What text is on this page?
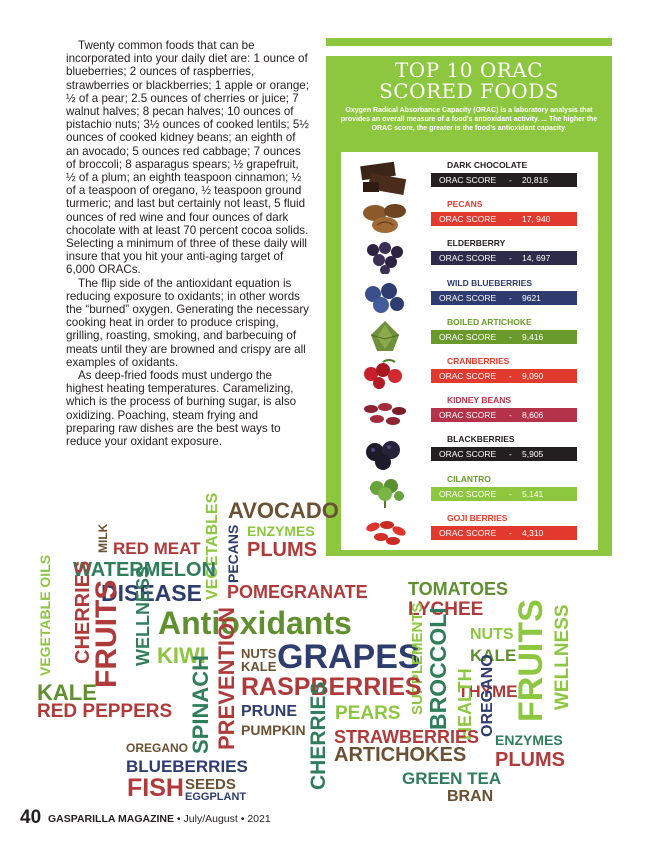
Twenty common foods that can be incorporated into your daily diet are: 1 ounce of blueberries; 2 ounces of raspberries, strawberries or blackberries; 1 apple or orange; ½ of a pear; 2.5 ounces of cherries or juice; 7 walnut halves; 8 pecan halves; 10 ounces of pistachio nuts; 3½ ounces of cooked lentils; 5½ ounces of cooked kidney beans; an eighth of an avocado; 5 ounces red cabbage; 7 ounces of broccoli; 8 asparagus spears; ½ grapefruit, ½ of a plum; an eighth teaspoon cinnamon; ½ of a teaspoon of oregano, ½ teaspoon ground turmeric; and last but certainly not least, 5 fluid ounces of red wine and four ounces of dark chocolate with at least 70 percent cocoa solids. Selecting a minimum of three of these daily will insure that you hit your anti-aging target of 6,000 ORACs.

The flip side of the antioxidant equation is reducing exposure to oxidants; in other words the “burned” oxygen. Generating the necessary cooking heat in order to produce crisping, grilling, roasting, smoking, and barbecuing of meats until they are browned and crispy are all examples of oxidants.

As deep-fried foods must undergo the highest heating temperatures. Caramelizing, which is the process of burning sugar, is also oxidizing. Poaching, steam frying and preparing raw dishes are the best ways to reduce your oxidant exposure.

TOP 10 ORAC
SCORED FOODS
Oxygen Radical Absorbance Capacity (ORAC) is a laboratory analysis that provides an overall measure of a food’s antioxidant activity. ... The higher the ORAC score, the greater is the food’s antioxidant capacity.
DARK CHOCOLATE
ORAC SCORE - 20,816
PECANS
ORAC SCORE - 17, 940
ELDERBERRY
ORAC SCORE - 14, 697
WILD BLUEBERRIES
ORAC SCORE - 9621
BOILED ARTICHOKE
ORAC SCORE - 9,416
CRANBERRIES
ORAC SCORE - 9,090
KIDNEY BEANS
ORAC SCORE - 8,606
BLACKBERRIES
ORAC SCORE - 5,905
CILANTRO
ORAC SCORE - 5,141
GOJI BERRIES
ORAC SCORE - 4,310
AVOCADO
ENZYMES
PLUMS
MILK RED MEAT VEGETABLES PECANS
WATERMELON
VEGETABLE OILS CHERRIES DISEASE
WELLNESS	POMEGRANATE TOMATOES
LYCHEE
FRUITS Antioxidants	NUTS
KALE
KIWI	NUTS
KALE GRAPES
SUPPLEMENTS BROCCOLI FRUITS WELLNESS
KALE	SPINACH PREVENTION RASPBERRIES THYME
RED PEPPERS	PRUNE PEARS	HEALTH OREGANO
PUMPKIN CHERRIES STRAWBERRIES ENZYMES
OREGANO	ARTICHOKES PLUMS
BLUEBERRIES
GREEN TEA
FISH SEEDS
EGGPLANT	BRAN
40 GASPARILLA MAGAZINE • July/August • 2021
